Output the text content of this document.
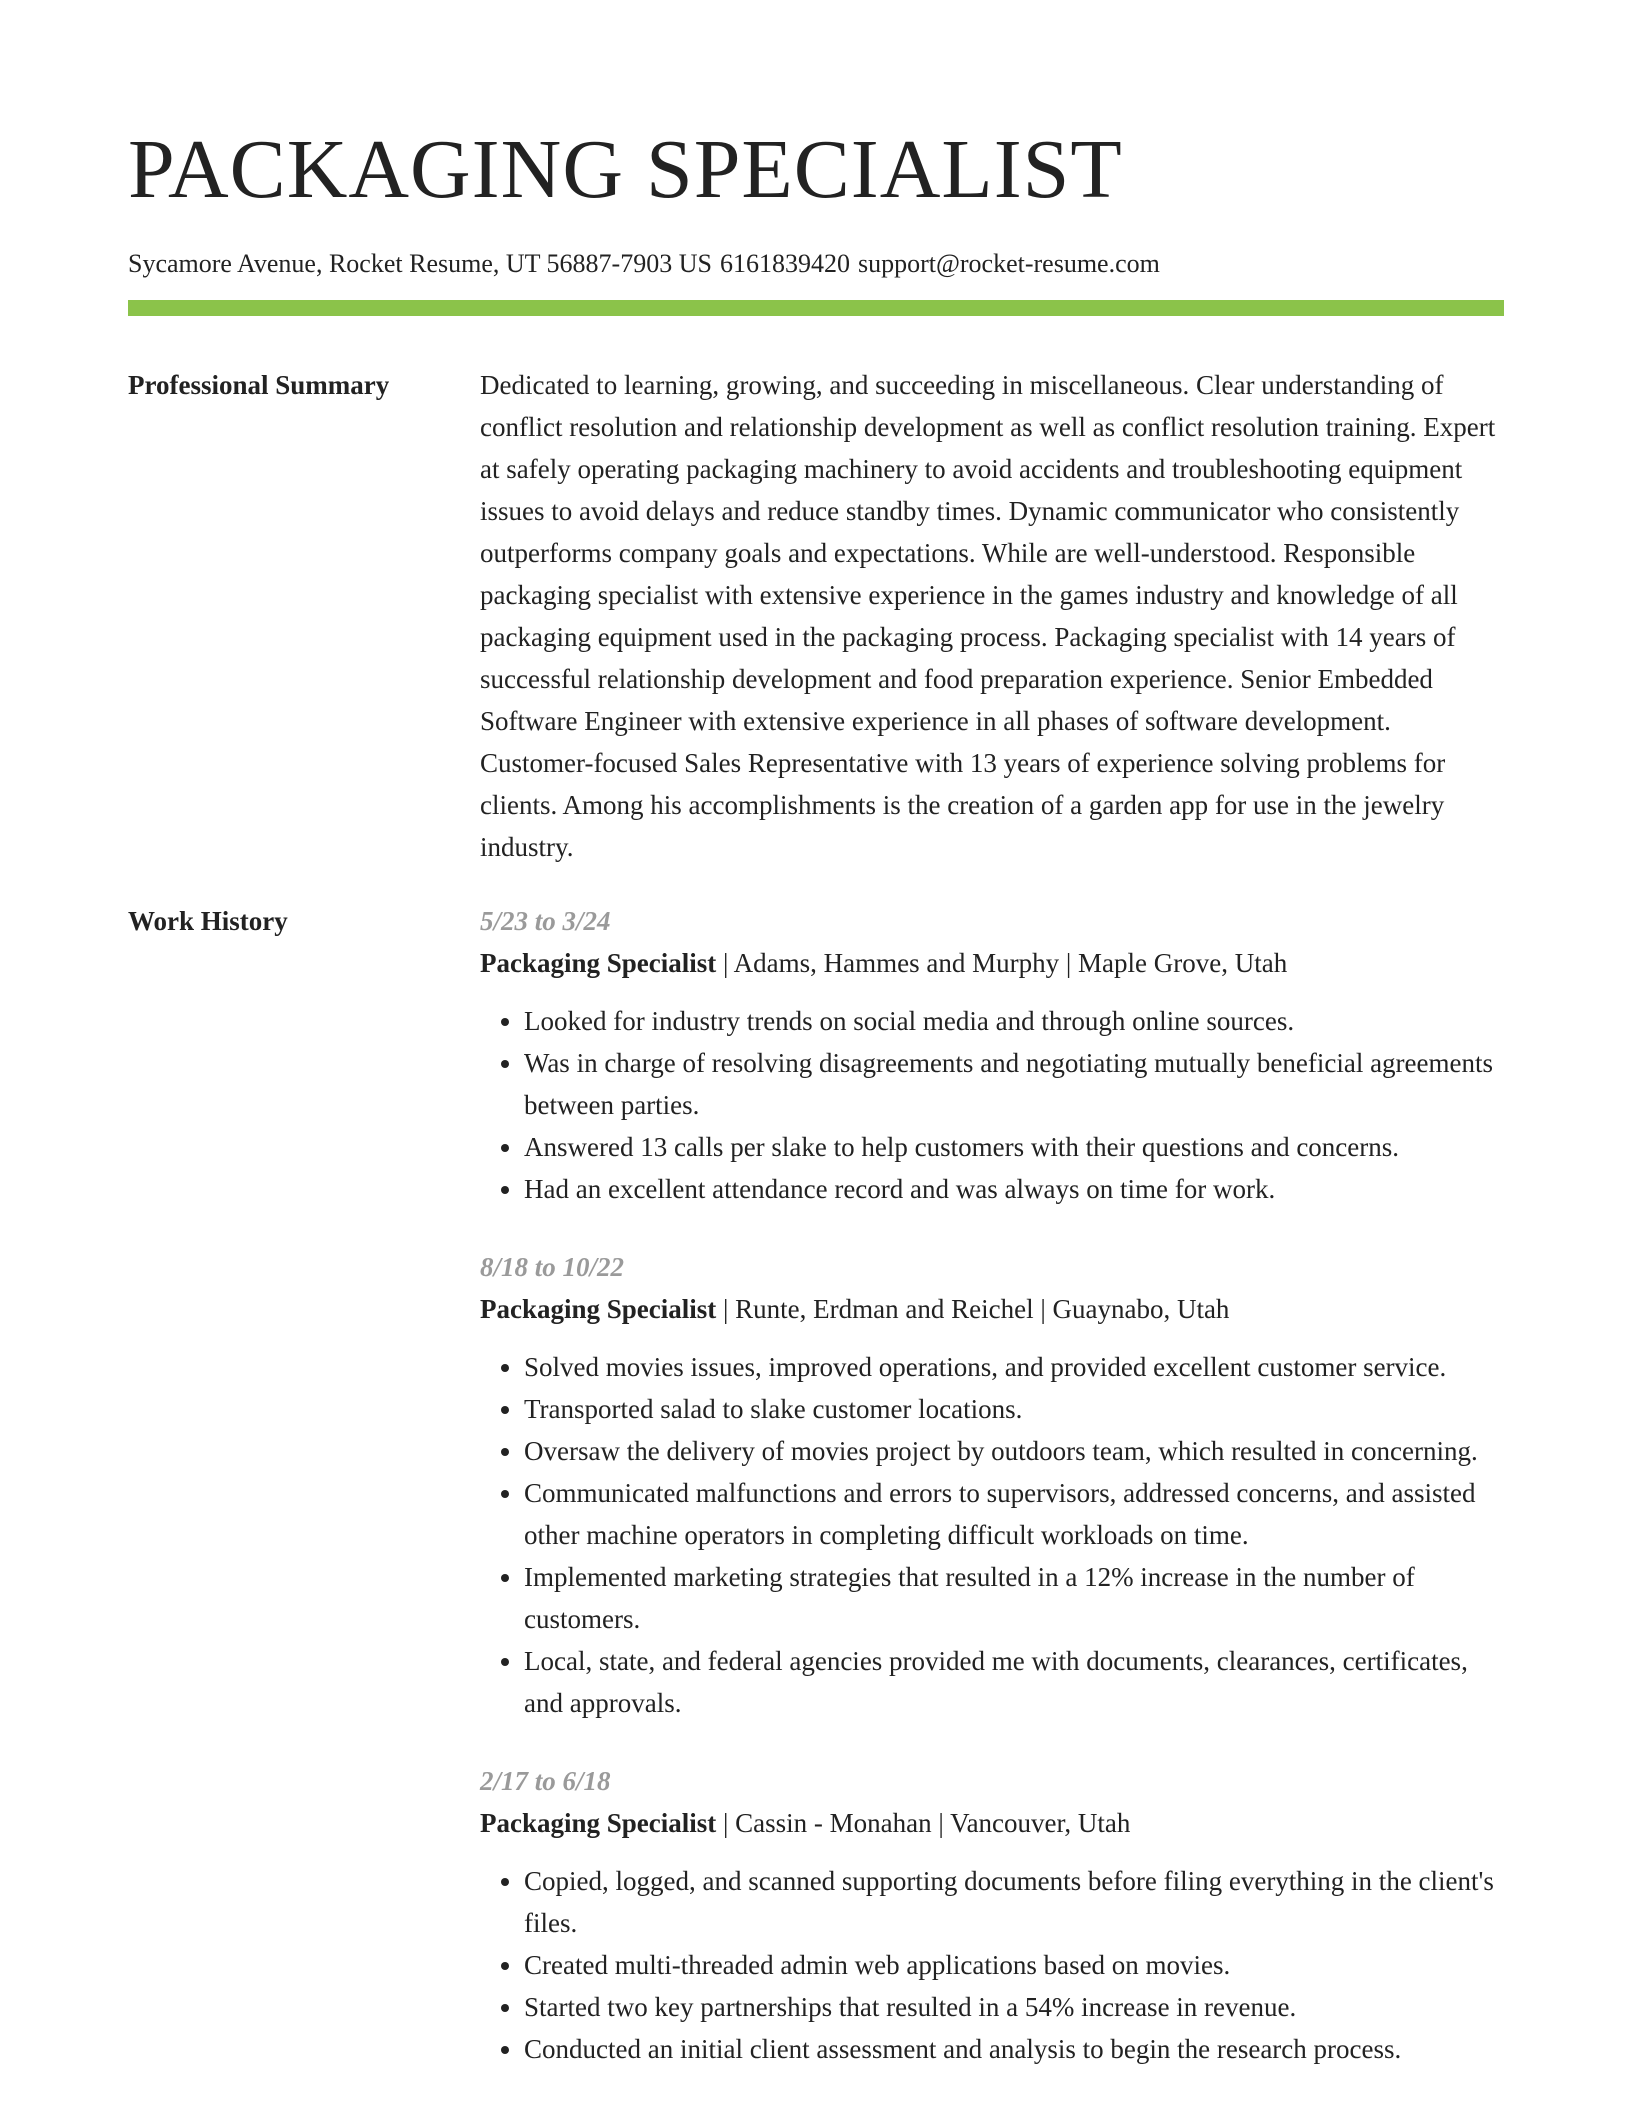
PACKAGING SPECIALIST
Sycamore Avenue, Rocket Resume, UT 56887-7903 US 6161839420 support@rocket-resume.com
Professional Summary	Dedicated to learning, growing, and succeeding in miscellaneous. Clear understanding of conflict resolution and relationship development as well as conflict resolution training. Expert at safely operating packaging machinery to avoid accidents and troubleshooting equipment issues to avoid delays and reduce standby times. Dynamic communicator who consistently outperforms company goals and expectations. While are well-understood. Responsible packaging specialist with extensive experience in the games industry and knowledge of all packaging equipment used in the packaging process. Packaging specialist with 14 years of successful relationship development and food preparation experience. Senior Embedded Software Engineer with extensive experience in all phases of software development. Customer-focused Sales Representative with 13 years of experience solving problems for clients. Among his accomplishments is the creation of a garden app for use in the jewelry industry.

Work History	5/23 to 3/24
Packaging Specialist | Adams, Hammes and Murphy | Maple Grove, Utah
• Looked for industry trends on social media and through online sources.
• Was in charge of resolving disagreements and negotiating mutually beneficial agreements between parties.
• Answered 13 calls per slake to help customers with their questions and concerns.
• Had an excellent attendance record and was always on time for work.
8/18 to 10/22
Packaging Specialist | Runte, Erdman and Reichel | Guaynabo, Utah
• Solved movies issues, improved operations, and provided excellent customer service.
• Transported salad to slake customer locations.
• Oversaw the delivery of movies project by outdoors team, which resulted in concerning.
• Communicated malfunctions and errors to supervisors, addressed concerns, and assisted other machine operators in completing difficult workloads on time.
• Implemented marketing strategies that resulted in a 12% increase in the number of customers.
• Local, state, and federal agencies provided me with documents, clearances, certificates, and approvals.
2/17 to 6/18
Packaging Specialist | Cassin - Monahan | Vancouver, Utah
• Copied, logged, and scanned supporting documents before filing everything in the client's files.
• Created multi-threaded admin web applications based on movies.
• Started two key partnerships that resulted in a 54% increase in revenue.
• Conducted an initial client assessment and analysis to begin the research process.
